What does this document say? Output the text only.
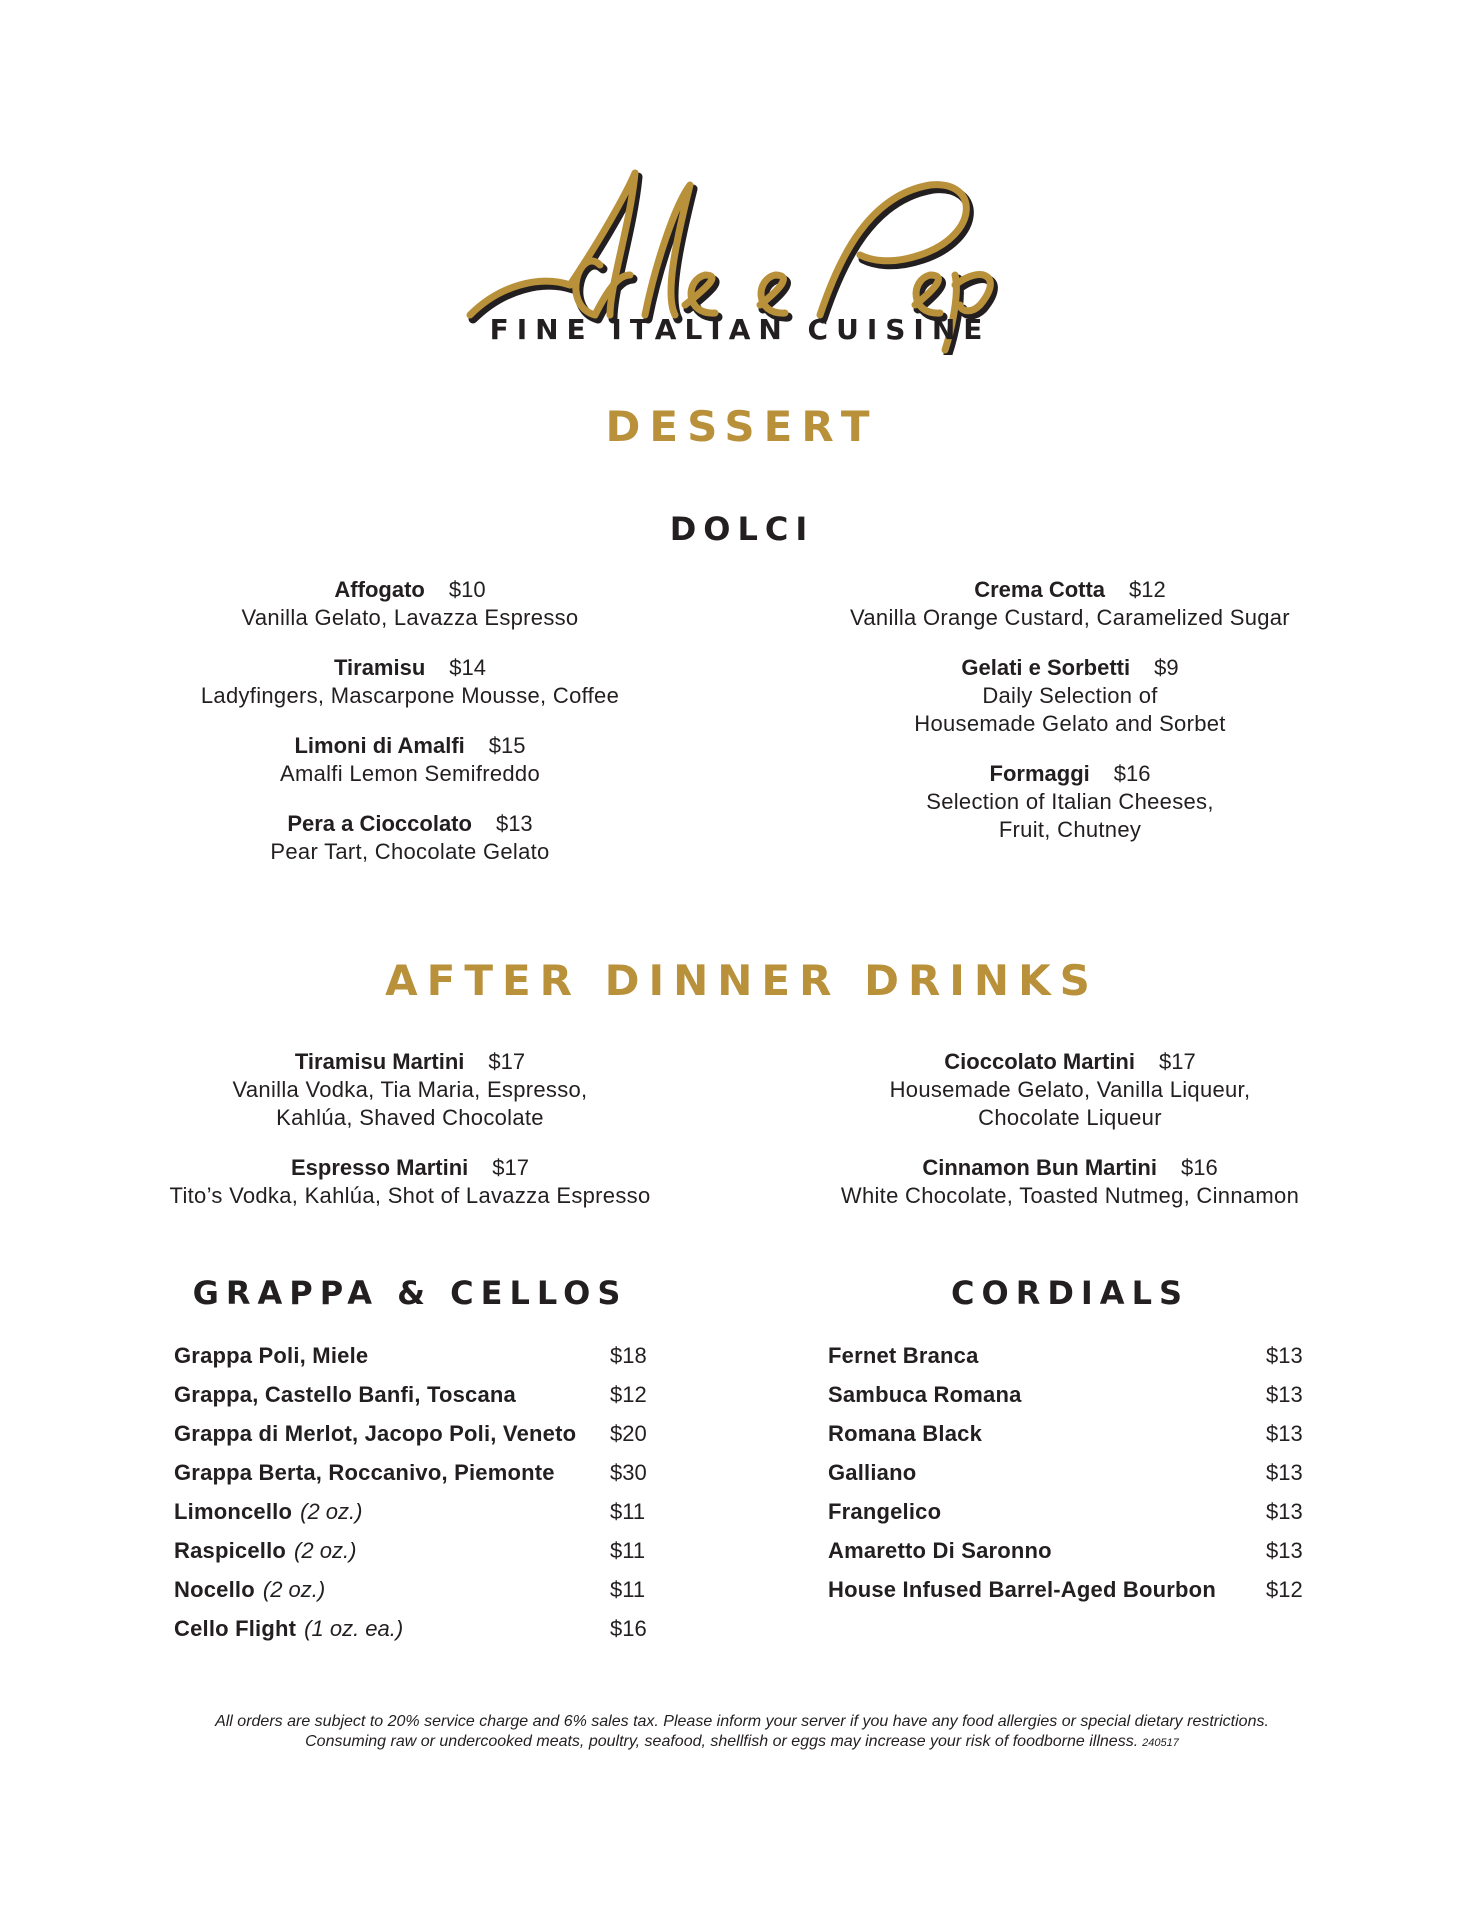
FINE ITALIAN CUISINE
DESSERT
DOLCI
Affogato $10
Vanilla Gelato, Lavazza Espresso
Tiramisu $14
Ladyfingers, Mascarpone Mousse, Coffee
Limoni di Amalfi $15
Amalfi Lemon Semifreddo
Pera a Cioccolato $13
Pear Tart, Chocolate Gelato
Crema Cotta $12
Vanilla Orange Custard, Caramelized Sugar
Gelati e Sorbetti $9
Daily Selection of
Housemade Gelato and Sorbet
Formaggi $16
Selection of Italian Cheeses,
Fruit, Chutney
AFTER DINNER DRINKS
Tiramisu Martini $17
Vanilla Vodka, Tia Maria, Espresso,
Kahlúa, Shaved Chocolate
Espresso Martini $17
Tito’s Vodka, Kahlúa, Shot of Lavazza Espresso
Cioccolato Martini $17
Housemade Gelato, Vanilla Liqueur,
Chocolate Liqueur
Cinnamon Bun Martini $16
White Chocolate, Toasted Nutmeg, Cinnamon
GRAPPA & CELLOS
Grappa Poli, Miele	$18
Grappa, Castello Banfi, Toscana	$12
Grappa di Merlot, Jacopo Poli, Veneto $20
Grappa Berta, Roccanivo, Piemonte	$30
Limoncello (2 oz.)	$11
Raspicello (2 oz.)	$11
Nocello (2 oz.)	$11
Cello Flight (1 oz. ea.)	$16
CORDIALS
Fernet Branca	$13
Sambuca Romana	$13
Romana Black	$13
Galliano	$13
Frangelico	$13
Amaretto Di Saronno	$13
House Infused Barrel-Aged Bourbon $12
All orders are subject to 20% service charge and 6% sales tax. Please inform your server if you have any food allergies or special dietary restrictions.
Consuming raw or undercooked meats, poultry, seafood, shellfish or eggs may increase your risk of foodborne illness. 240517
